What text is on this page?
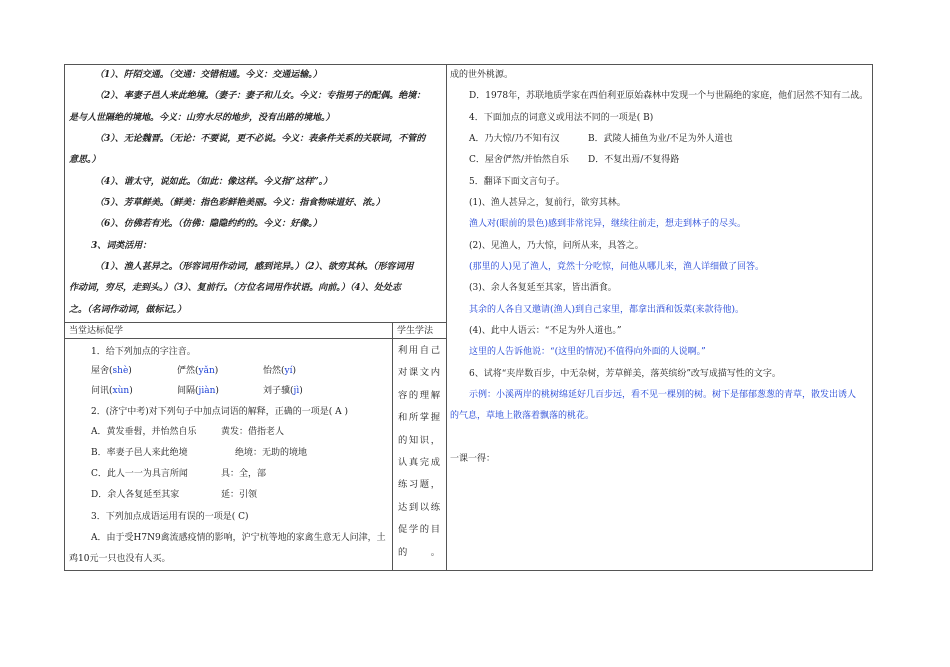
（1）、阡陌交通。（交通：交错相通。今义：交通运输。）
（2）、率妻子邑人来此绝境。（妻子：妻子和儿女。今义：专指男子的配偶。绝境：
是与人世隔绝的境地。今义：山穷水尽的地步，没有出路的境地。）
（3）、无论魏晋。（无论：不要说，更不必说。今义：表条件关系的关联词，不管的
意思。）
（4）、谐太守，说如此。（如此：像这样。今义指“这样”。）
（5）、芳草鲜美。（鲜美：指色彩鲜艳美丽。今义：指食物味道好、浓。）
（6）、仿佛若有光。（仿佛：隐隐约约的。今义：好像。）
3、词类活用：
（1）、渔人甚异之。（形容词用作动词，感到诧异。）（2）、欲穷其林。（形容词用
作动词，穷尽，走到头。）（3）、复前行。（方位名词用作状语。向前。）（4）、处处志
之。（名词作动词，做标记。）
当堂达标促学	学生学法
利用自己
对课文内
容的理解
和所掌握
的知识，
认真完成
练习题，
达到以练
促学的目
的。
1．给下列加点的字注音。
屋舍(shè)	俨然(yǎn)	怡然(yí)
问讯(xùn)	间隔(jiàn)	刘子骥(jì)
2．(济宁中考)对下列句子中加点词语的解释，正确的一项是( A )
A．黄发垂髫，并怡然自乐	黄发：借指老人
B．率妻子邑人来此绝境	绝境：无助的境地
C．此人一一为具言所闻	具：全，部
D．余人各复延至其家	延：引领
3．下列加点成语运用有误的一项是( C)
A．由于受H7N9禽流感疫情的影响，沪宁杭等地的家禽生意无人问津，土
鸡10元一只也没有人买。
成的世外桃源。
D．1978年，苏联地质学家在西伯利亚原始森林中发现一个与世隔绝的家庭，他们居然不知有二战。
4．下面加点的词意义或用法不同的一项是( B)
A．乃大惊/乃不知有汉	B．武陵人捕鱼为业/不足为外人道也
C．屋舍俨然/并怡然自乐 D．不复出焉/不复得路
5．翻译下面文言句子。
(1)、渔人甚异之，复前行，欲穷其林。
渔人对(眼前的景色)感到非常诧异，继续往前走，想走到林子的尽头。
(2)、见渔人，乃大惊，问所从来，具答之。
(那里的人)见了渔人，竟然十分吃惊，问他从哪儿来，渔人详细做了回答。
(3)、余人各复延至其家，皆出酒食。
其余的人各自又邀请(渔人)到自己家里，都拿出酒和饭菜(来款待他)。
(4)、此中人语云：“不足为外人道也。”
这里的人告诉他说：“(这里的情况)不值得向外面的人说啊。”
6、试将“夹岸数百步，中无杂树，芳草鲜美，落英缤纷”改写成描写性的文字。
示例：小溪两岸的桃树绵延好几百步远，看不见一棵别的树。树下是郁郁葱葱的青草，散发出诱人
的气息，草地上散落着飘落的桃花。
一课一得：
